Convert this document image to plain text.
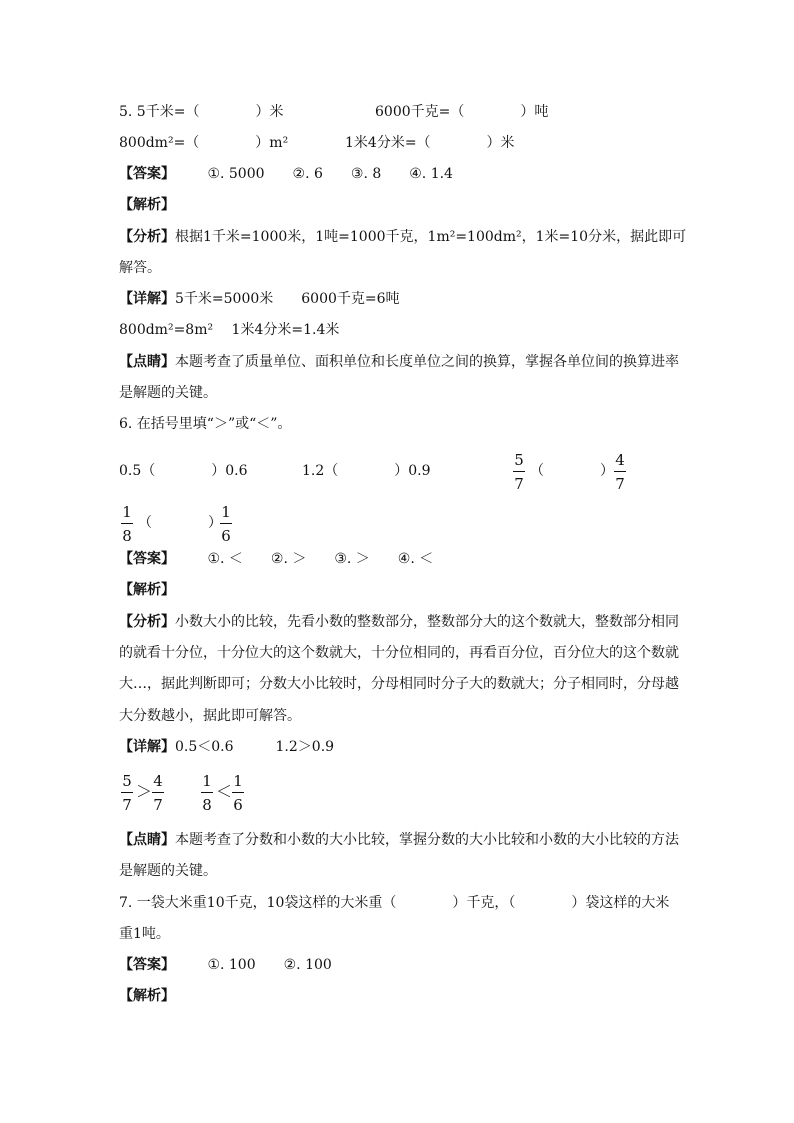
5. 5千米=（　　　　）米	6000千克=（　　　　）吨
800dm²=（　　　　）m²	1米4分米=（　　　　）米
【答案】 ①. 5000　　②. 6　　③. 8　　④. 1.4
【解析】
【分析】根据1千米=1000米，1吨=1000千克，1m²=100dm²，1米=10分米，据此即可
解答。
【详解】5千米=5000米　　6000千克=6吨
800dm²=8m²　 1米4分米=1.4米
【点睛】本题考查了质量单位、面积单位和长度单位之间的换算，掌握各单位间的换算进率
是解题的关键。
6. 在括号里填“＞”或“＜”。
0.5（　　　　）0.6	1.2（　　　　）0.9
5
7
（　　　　）
4
7
1
8
（　　　　）
1
6
【答案】 ①. ＜　　②. ＞　　③. ＞　　④. ＜
【解析】
【分析】小数大小的比较，先看小数的整数部分，整数部分大的这个数就大，整数部分相同
的就看十分位，十分位大的这个数就大，十分位相同的，再看百分位，百分位大的这个数就
大…，据此判断即可；分数大小比较时，分母相同时分子大的数就大；分子相同时，分母越
大分数越小，据此即可解答。
【详解】0.5＜0.6　　　1.2＞0.9
5
7
＞
4
7
1
8
＜
1
6
【点睛】本题考查了分数和小数的大小比较，掌握分数的大小比较和小数的大小比较的方法
是解题的关键。
7. 一袋大米重10千克，10袋这样的大米重（　　　　）千克，（　　　　）袋这样的大米
重1吨。
【答案】 ①. 100　　②. 100
【解析】
